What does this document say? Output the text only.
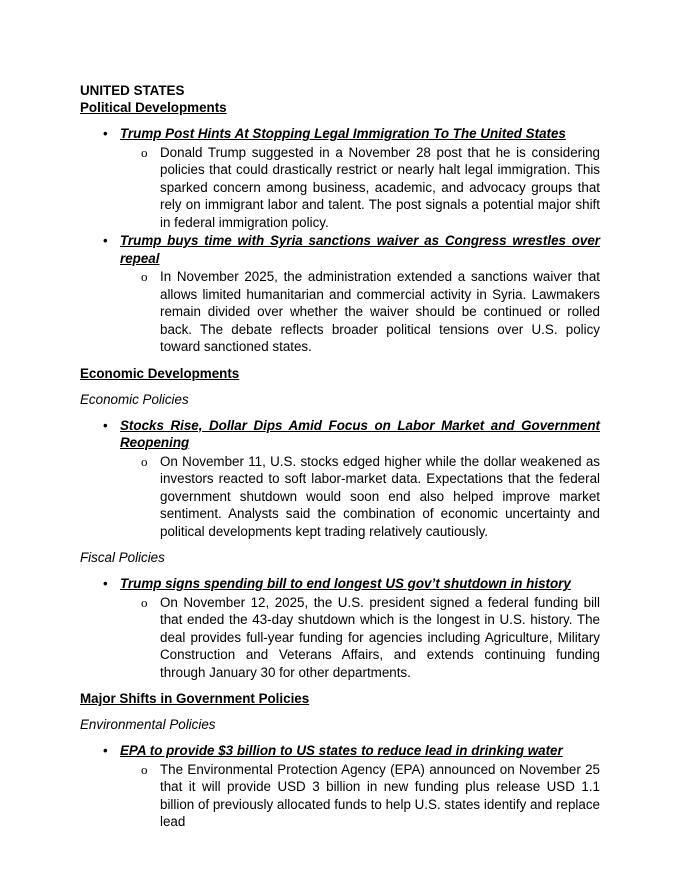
UNITED STATES
Political Developments
• Trump Post Hints At Stopping Legal Immigration To The United States
o Donald Trump suggested in a November 28 post that he is considering policies that could drastically restrict or nearly halt legal immigration. This sparked concern among business, academic, and advocacy groups that rely on immigrant labor and talent. The post signals a potential major shift in federal immigration policy.
• Trump buys time with Syria sanctions waiver as Congress wrestles over repeal
o In November 2025, the administration extended a sanctions waiver that allows limited humanitarian and commercial activity in Syria. Lawmakers remain divided over whether the waiver should be continued or rolled back. The debate reflects broader political tensions over U.S. policy toward sanctioned states.
Economic Developments
Economic Policies
• Stocks Rise, Dollar Dips Amid Focus on Labor Market and Government Reopening
o On November 11, U.S. stocks edged higher while the dollar weakened as investors reacted to soft labor-market data. Expectations that the federal government shutdown would soon end also helped improve market sentiment. Analysts said the combination of economic uncertainty and political developments kept trading relatively cautiously.
Fiscal Policies
• Trump signs spending bill to end longest US gov’t shutdown in history
o On November 12, 2025, the U.S. president signed a federal funding bill that ended the 43-day shutdown which is the longest in U.S. history. The deal provides full-year funding for agencies including Agriculture, Military Construction and Veterans Affairs, and extends continuing funding through January 30 for other departments.
Major Shifts in Government Policies
Environmental Policies
• EPA to provide $3 billion to US states to reduce lead in drinking water
o The Environmental Protection Agency (EPA) announced on November 25 that it will provide USD 3 billion in new funding plus release USD 1.1 billion of previously allocated funds to help U.S. states identify and replace lead
